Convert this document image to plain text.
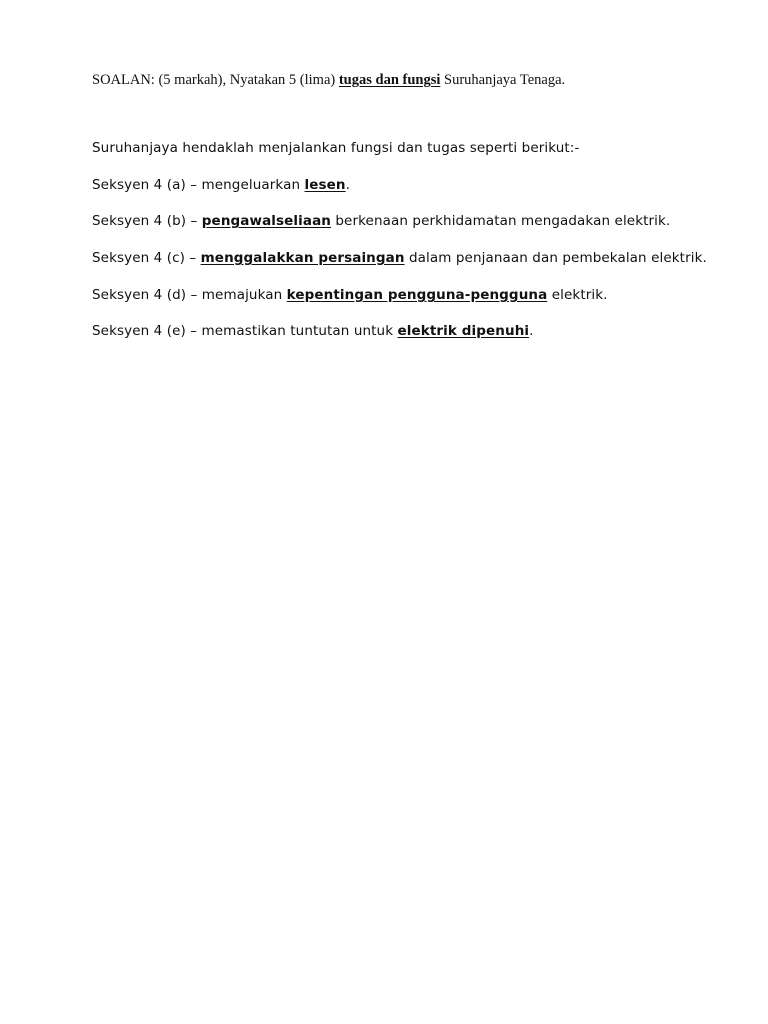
SOALAN: (5 markah), Nyatakan 5 (lima) tugas dan fungsi Suruhanjaya Tenaga.
Suruhanjaya hendaklah menjalankan fungsi dan tugas seperti berikut:-
Seksyen 4 (a) – mengeluarkan lesen.
Seksyen 4 (b) – pengawalseliaan berkenaan perkhidamatan mengadakan elektrik.
Seksyen 4 (c) – menggalakkan persaingan dalam penjanaan dan pembekalan elektrik.
Seksyen 4 (d) – memajukan kepentingan pengguna-pengguna elektrik.
Seksyen 4 (e) – memastikan tuntutan untuk elektrik dipenuhi.
